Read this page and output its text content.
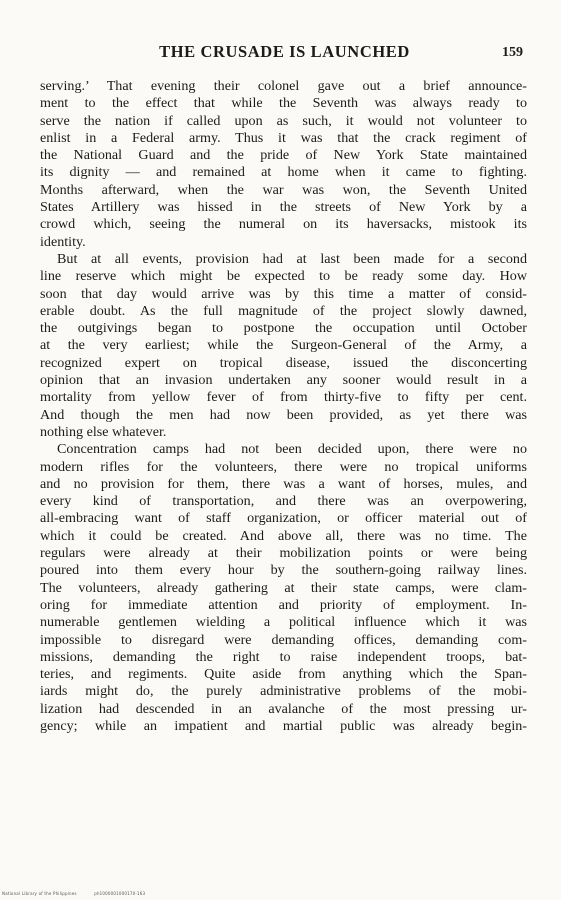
THE CRUSADE IS LAUNCHED	159
serving.’ That evening their colonel gave out a brief announce-
ment to the effect that while the Seventh was always ready to
serve the nation if called upon as such, it would not volunteer to
enlist in a Federal army. Thus it was that the crack regiment of
the National Guard and the pride of New York State maintained
its dignity — and remained at home when it came to fighting.
Months afterward, when the war was won, the Seventh United
States Artillery was hissed in the streets of New York by a
crowd which, seeing the numeral on its haversacks, mistook its
identity.
But at all events, provision had at last been made for a second
line reserve which might be expected to be ready some day. How
soon that day would arrive was by this time a matter of consid-
erable doubt. As the full magnitude of the project slowly dawned,
the outgivings began to postpone the occupation until October
at the very earliest; while the Surgeon-General of the Army, a
recognized expert on tropical disease, issued the disconcerting
opinion that an invasion undertaken any sooner would result in a
mortality from yellow fever of from thirty-five to fifty per cent.
And though the men had now been provided, as yet there was
nothing else whatever.
Concentration camps had not been decided upon, there were no
modern rifles for the volunteers, there were no tropical uniforms
and no provision for them, there was a want of horses, mules, and
every kind of transportation, and there was an overpowering,
all-embracing want of staff organization, or officer material out of
which it could be created. And above all, there was no time. The
regulars were already at their mobilization points or were being
poured into them every hour by the southern-going railway lines.
The volunteers, already gathering at their state camps, were clam-
oring for immediate attention and priority of employment. In-
numerable gentlemen wielding a political influence which it was
impossible to disregard were demanding offices, demanding com-
missions, demanding the right to raise independent troops, bat-
teries, and regiments. Quite aside from anything which the Span-
iards might do, the purely administrative problems of the mobi-
lization had descended in an avalanche of the most pressing ur-
gency; while an impatient and martial public was already begin-
National Library of the Philippines	ph1000001000170-163
